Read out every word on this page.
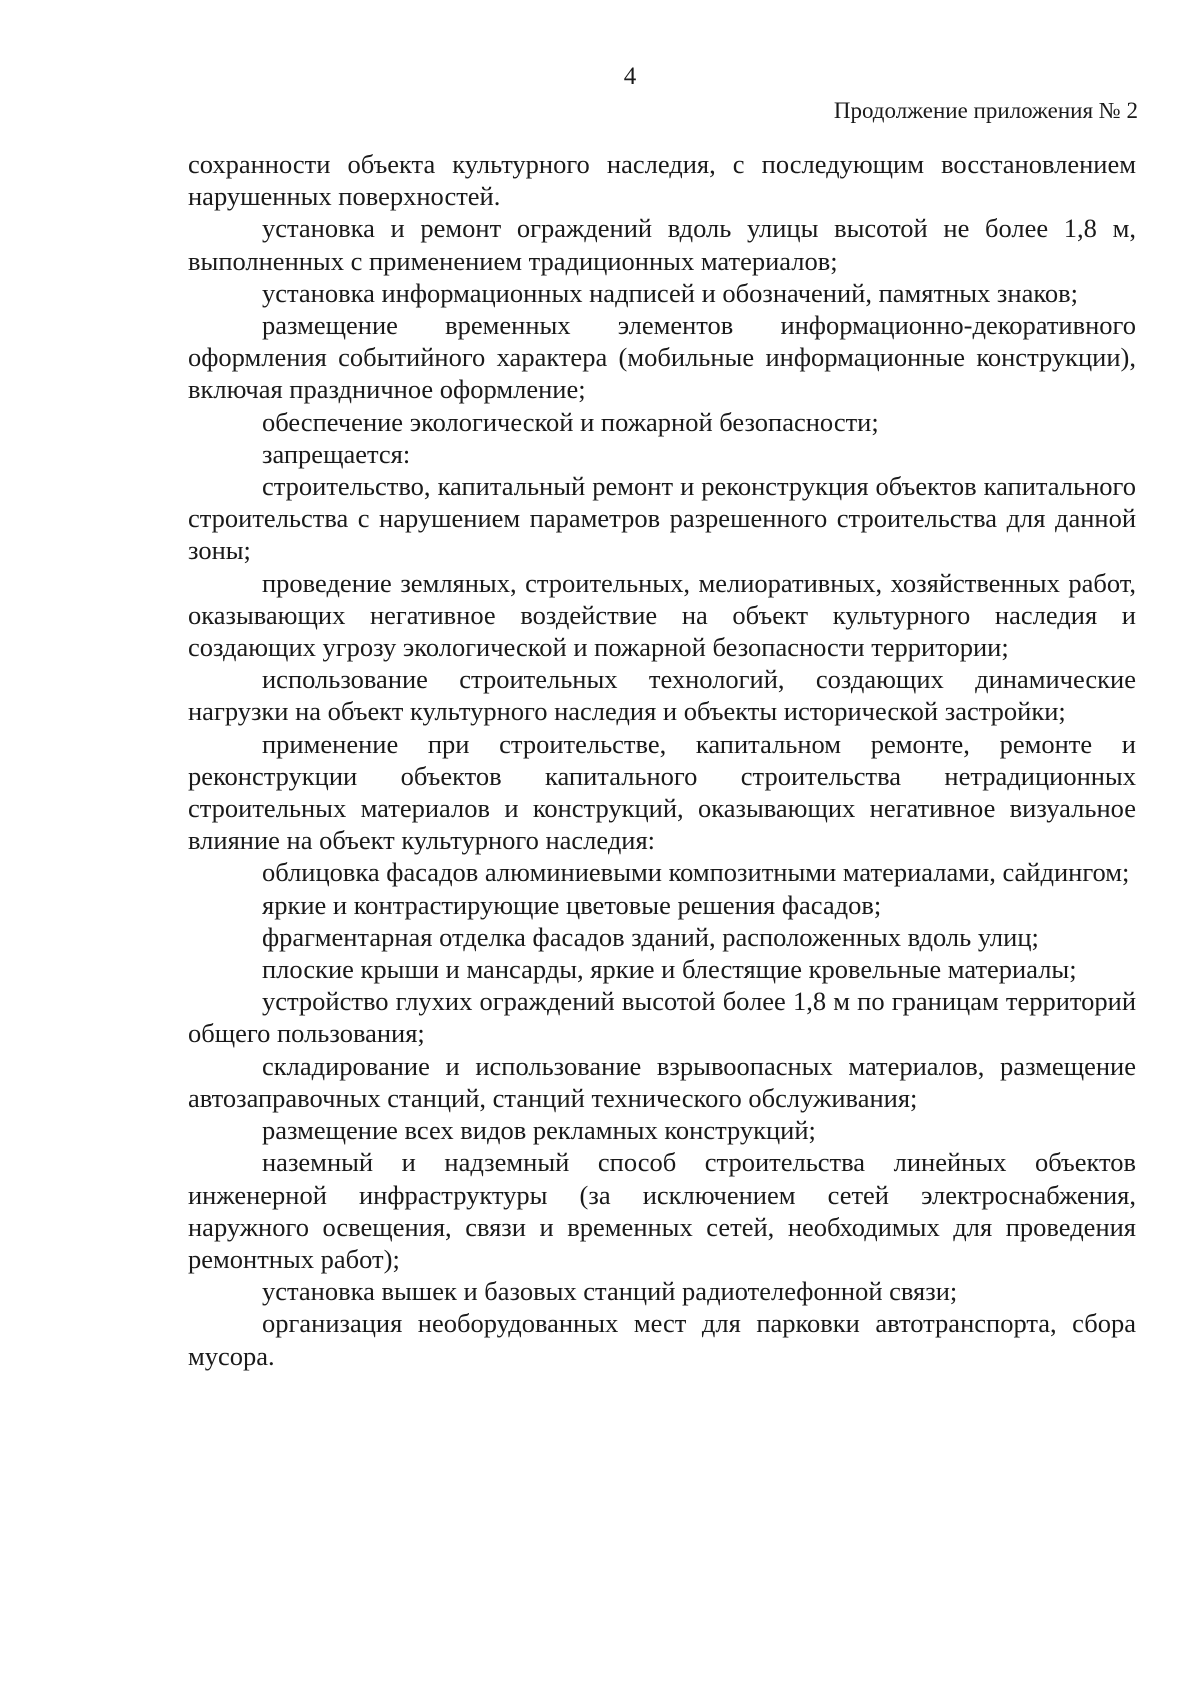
4
Продолжение приложения № 2

сохранности объекта культурного наследия, с последующим восстановлением нарушенных поверхностей.

установка и ремонт ограждений вдоль улицы высотой не более 1,8 м, выполненных с применением традиционных материалов;

установка информационных надписей и обозначений, памятных знаков;

размещение временных элементов информационно-декоративного оформления событийного характера (мобильные информационные конструкции), включая праздничное оформление;

обеспечение экологической и пожарной безопасности;

запрещается:

строительство, капитальный ремонт и реконструкция объектов капитального строительства с нарушением параметров разрешенного строительства для данной зоны;

проведение земляных, строительных, мелиоративных, хозяйственных работ, оказывающих негативное воздействие на объект культурного наследия и создающих угрозу экологической и пожарной безопасности территории;

использование строительных технологий, создающих динамические нагрузки на объект культурного наследия и объекты исторической застройки;

применение при строительстве, капитальном ремонте, ремонте и реконструкции объектов капитального строительства нетрадиционных строительных материалов и конструкций, оказывающих негативное визуальное влияние на объект культурного наследия:

облицовка фасадов алюминиевыми композитными материалами, сайдингом;

яркие и контрастирующие цветовые решения фасадов;

фрагментарная отделка фасадов зданий, расположенных вдоль улиц;

плоские крыши и мансарды, яркие и блестящие кровельные материалы;

устройство глухих ограждений высотой более 1,8 м по границам территорий общего пользования;

складирование и использование взрывоопасных материалов, размещение автозаправочных станций, станций технического обслуживания;

размещение всех видов рекламных конструкций;

наземный и надземный способ строительства линейных объектов инженерной инфраструктуры (за исключением сетей электроснабжения, наружного освещения, связи и временных сетей, необходимых для проведения ремонтных работ);

установка вышек и базовых станций радиотелефонной связи;

организация необорудованных мест для парковки автотранспорта, сбора мусора.
